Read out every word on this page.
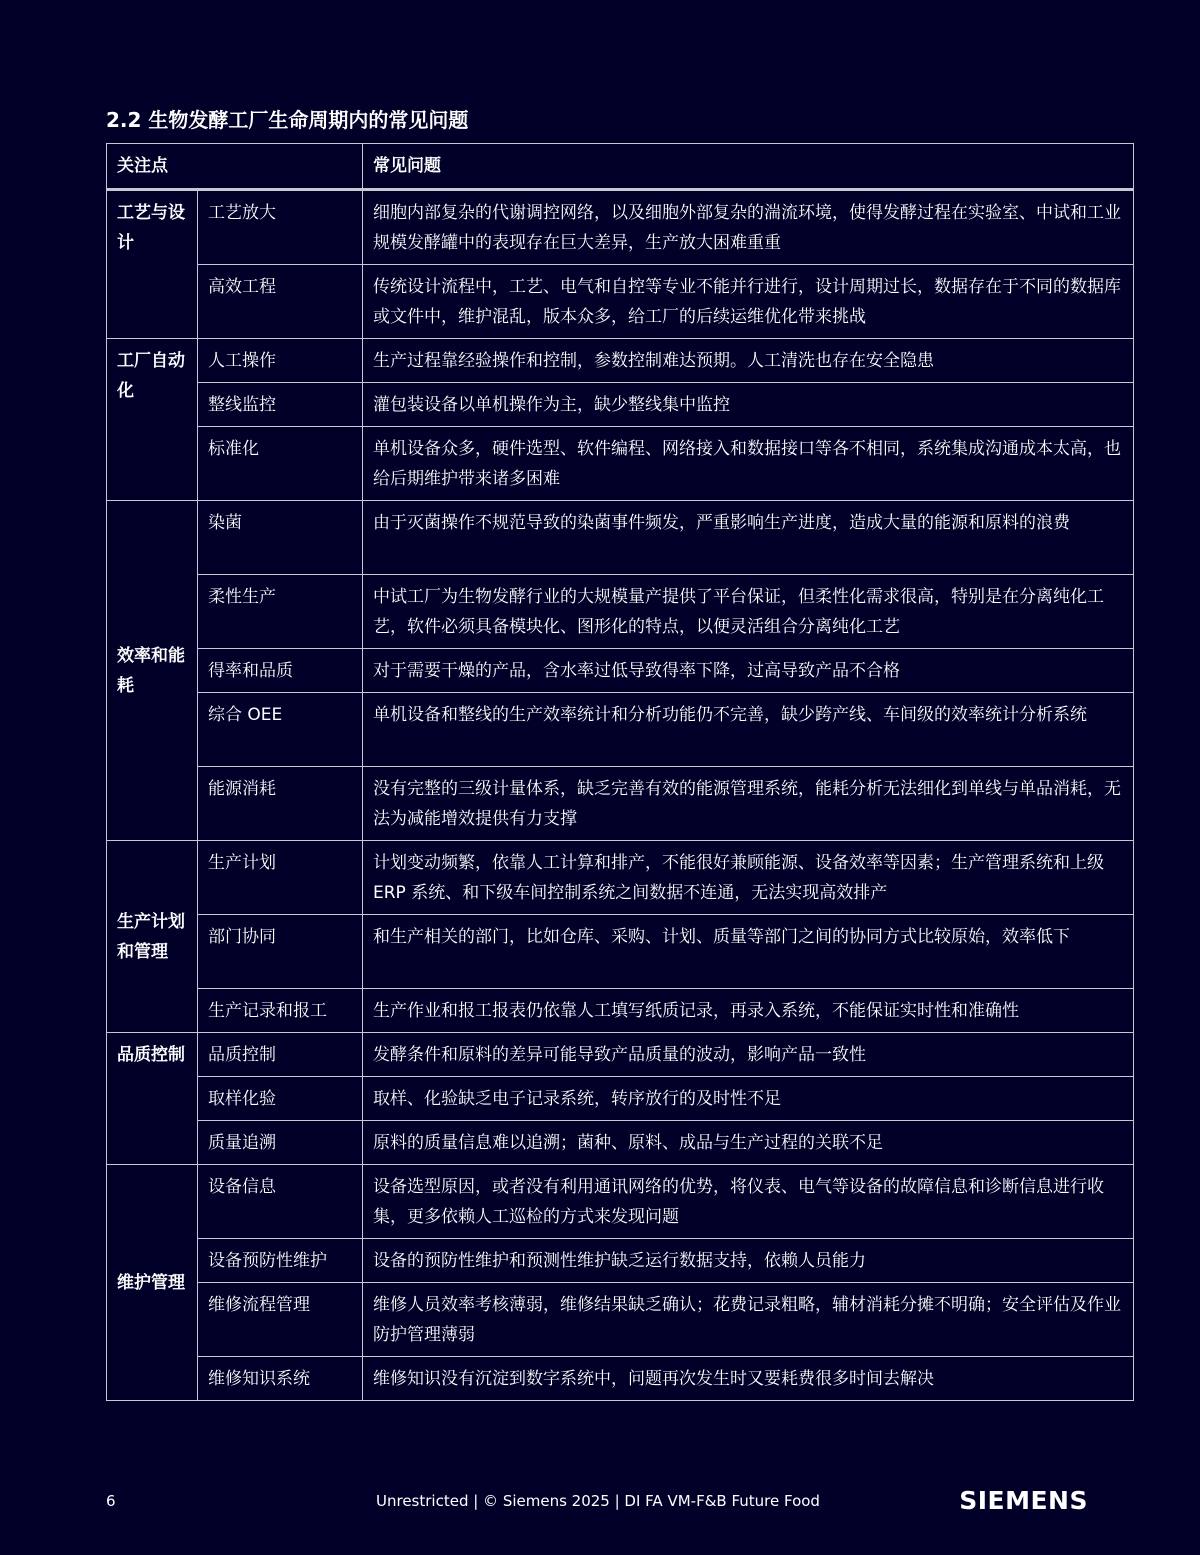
2.2 生物发酵工厂生命周期内的常见问题
关注点		常见问题
工艺与设计	工艺放大	细胞内部复杂的代谢调控网络，以及细胞外部复杂的湍流环境，使得发酵过程在实验室、中试和工业规模发酵罐中的表现存在巨大差异，生产放大困难重重
	高效工程	传统设计流程中，工艺、电气和自控等专业不能并行进行，设计周期过长，数据存在于不同的数据库或文件中，维护混乱，版本众多，给工厂的后续运维优化带来挑战
工厂自动化	人工操作	生产过程靠经验操作和控制，参数控制难达预期。人工清洗也存在安全隐患
	整线监控	灌包装设备以单机操作为主，缺少整线集中监控
	标准化	单机设备众多，硬件选型、软件编程、网络接入和数据接口等各不相同，系统集成沟通成本太高，也给后期维护带来诸多困难
效率和能耗	染菌	由于灭菌操作不规范导致的染菌事件频发，严重影响生产进度，造成大量的能源和原料的浪费
	柔性生产	中试工厂为生物发酵行业的大规模量产提供了平台保证，但柔性化需求很高，特别是在分离纯化工艺，软件必须具备模块化、图形化的特点，以便灵活组合分离纯化工艺
	得率和品质	对于需要干燥的产品，含水率过低导致得率下降，过高导致产品不合格
	综合 OEE	单机设备和整线的生产效率统计和分析功能仍不完善，缺少跨产线、车间级的效率统计分析系统
	能源消耗	没有完整的三级计量体系，缺乏完善有效的能源管理系统，能耗分析无法细化到单线与单品消耗，无法为减能增效提供有力支撑
生产计划和管理	生产计划	计划变动频繁，依靠人工计算和排产，不能很好兼顾能源、设备效率等因素；生产管理系统和上级 ERP 系统、和下级车间控制系统之间数据不连通，无法实现高效排产
	部门协同	和生产相关的部门，比如仓库、采购、计划、质量等部门之间的协同方式比较原始，效率低下
	生产记录和报工	生产作业和报工报表仍依靠人工填写纸质记录，再录入系统，不能保证实时性和准确性
品质控制	品质控制	发酵条件和原料的差异可能导致产品质量的波动，影响产品一致性
	取样化验	取样、化验缺乏电子记录系统，转序放行的及时性不足
	质量追溯	原料的质量信息难以追溯；菌种、原料、成品与生产过程的关联不足
维护管理	设备信息	设备选型原因，或者没有利用通讯网络的优势，将仪表、电气等设备的故障信息和诊断信息进行收集，更多依赖人工巡检的方式来发现问题
	设备预防性维护	设备的预防性维护和预测性维护缺乏运行数据支持，依赖人员能力
	维修流程管理	维修人员效率考核薄弱，维修结果缺乏确认；花费记录粗略，辅材消耗分摊不明确；安全评估及作业防护管理薄弱
	维修知识系统	维修知识没有沉淀到数字系统中，问题再次发生时又要耗费很多时间去解决
6	Unrestricted | © Siemens 2025 | DI FA VM-F&B Future Food	SIEMENS
